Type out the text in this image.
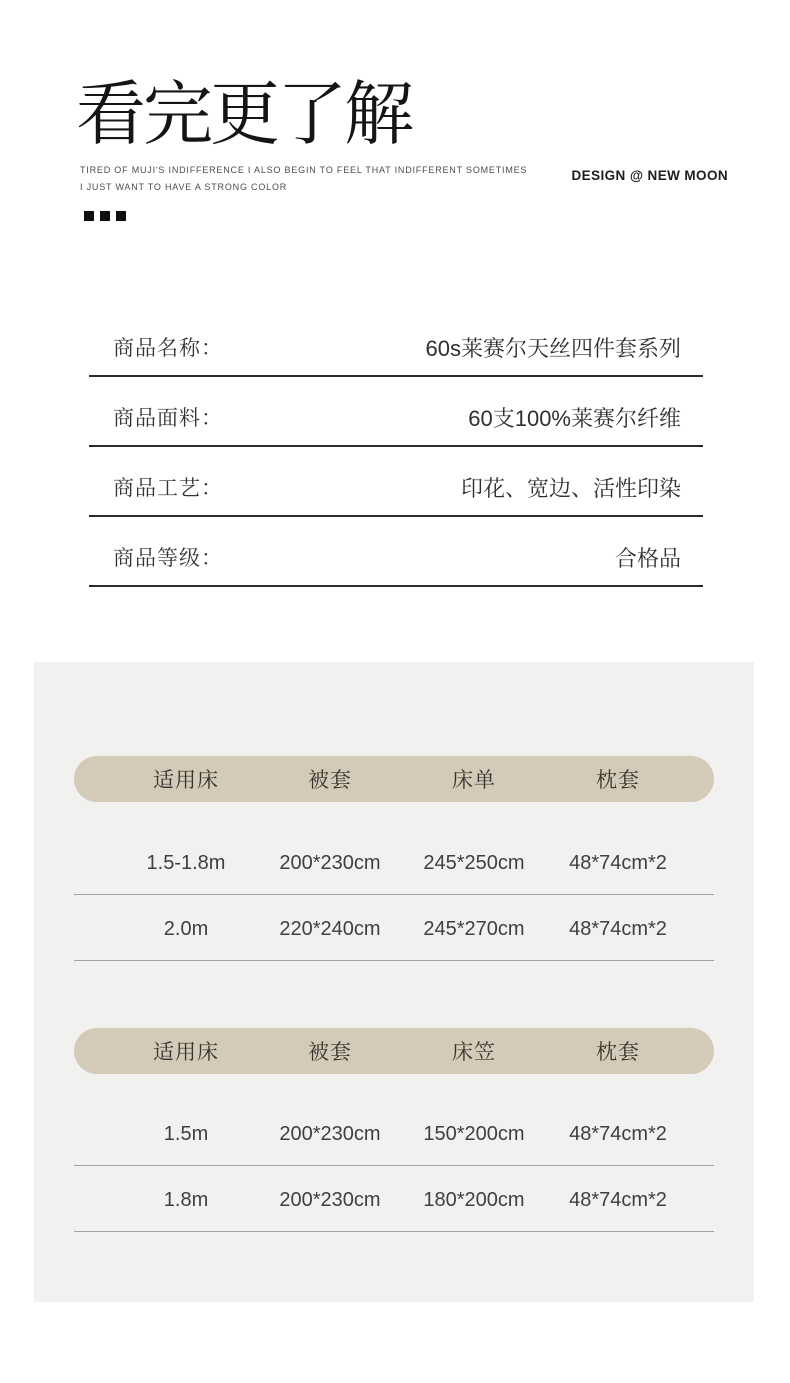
看完更了解
TIRED OF MUJI'S INDIFFERENCE I ALSO BEGIN TO FEEL THAT INDIFFERENT SOMETIMES
I JUST WANT TO HAVE A STRONG COLOR
DESIGN @ NEW MOON
商品名称：	60s莱赛尔天丝四件套系列
商品面料：	60支100%莱赛尔纤维
商品工艺：	印花、宽边、活性印染
商品等级：	合格品
适用床	被套	床单	枕套
1.5-1.8m	200*230cm	245*250cm	48*74cm*2
2.0m	220*240cm	245*270cm	48*74cm*2
适用床	被套	床笠	枕套
1.5m	200*230cm	150*200cm	48*74cm*2
1.8m	200*230cm	180*200cm	48*74cm*2
